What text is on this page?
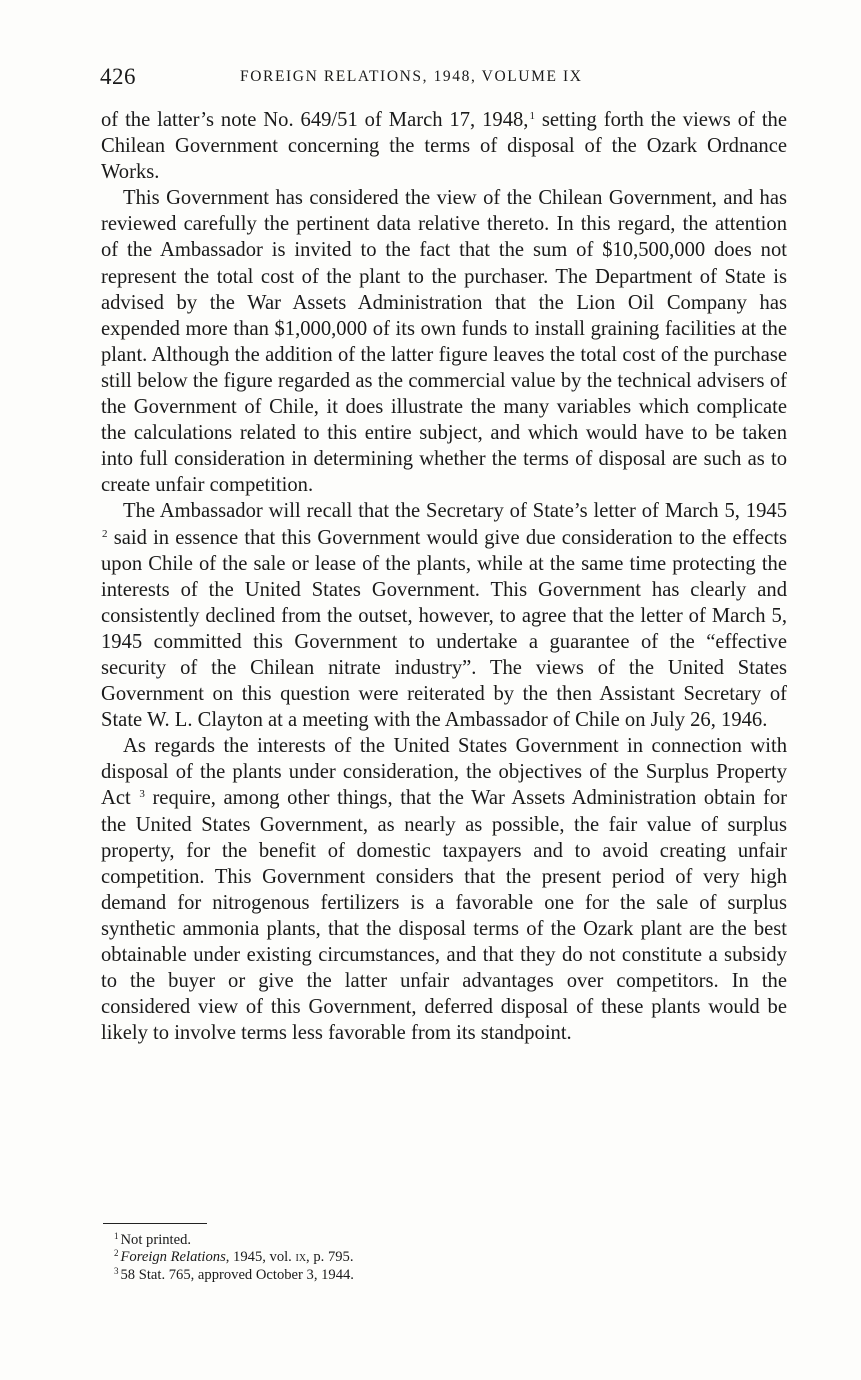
426	FOREIGN RELATIONS, 1948, VOLUME IX

of the latter’s note No. 649/51 of March 17, 1948,$^1$ setting forth the views of the Chilean Government concerning the terms of disposal of the Ozark Ordnance Works.

This Government has considered the view of the Chilean Government, and has reviewed carefully the pertinent data relative thereto. In this regard, the attention of the Ambassador is invited to the fact that the sum of $10,500,000 does not represent the total cost of the plant to the purchaser. The Department of State is advised by the War Assets Administration that the Lion Oil Company has expended more than $1,000,000 of its own funds to install graining facilities at the plant. Although the addition of the latter figure leaves the total cost of the purchase still below the figure regarded as the commercial value by the technical advisers of the Government of Chile, it does illustrate the many variables which complicate the calculations related to this entire subject, and which would have to be taken into full consideration in determining whether the terms of disposal are such as to create unfair competition.

The Ambassador will recall that the Secretary of State’s letter of March 5, 1945 $^2$ said in essence that this Government would give due consideration to the effects upon Chile of the sale or lease of the plants, while at the same time protecting the interests of the United States Government. This Government has clearly and consistently declined from the outset, however, to agree that the letter of March 5, 1945 committed this Government to undertake a guarantee of the “effective security of the Chilean nitrate industry”. The views of the United States Government on this question were reiterated by the then Assistant Secretary of State W. L. Clayton at a meeting with the Ambassador of Chile on July 26, 1946.

As regards the interests of the United States Government in connection with disposal of the plants under consideration, the objectives of the Surplus Property Act $^3$ require, among other things, that the War Assets Administration obtain for the United States Government, as nearly as possible, the fair value of surplus property, for the benefit of domestic taxpayers and to avoid creating unfair competition. This Government considers that the present period of very high demand for nitrogenous fertilizers is a favorable one for the sale of surplus synthetic ammonia plants, that the disposal terms of the Ozark plant are the best obtainable under existing circumstances, and that they do not constitute a subsidy to the buyer or give the latter unfair advantages over competitors. In the considered view of this Government, deferred disposal of these plants would be likely to involve terms less favorable from its standpoint.

$^1$ Not printed.
$^2$ Foreign Relations, 1945, vol. ix, p. 795.
$^3$ 58 Stat. 765, approved October 3, 1944.
